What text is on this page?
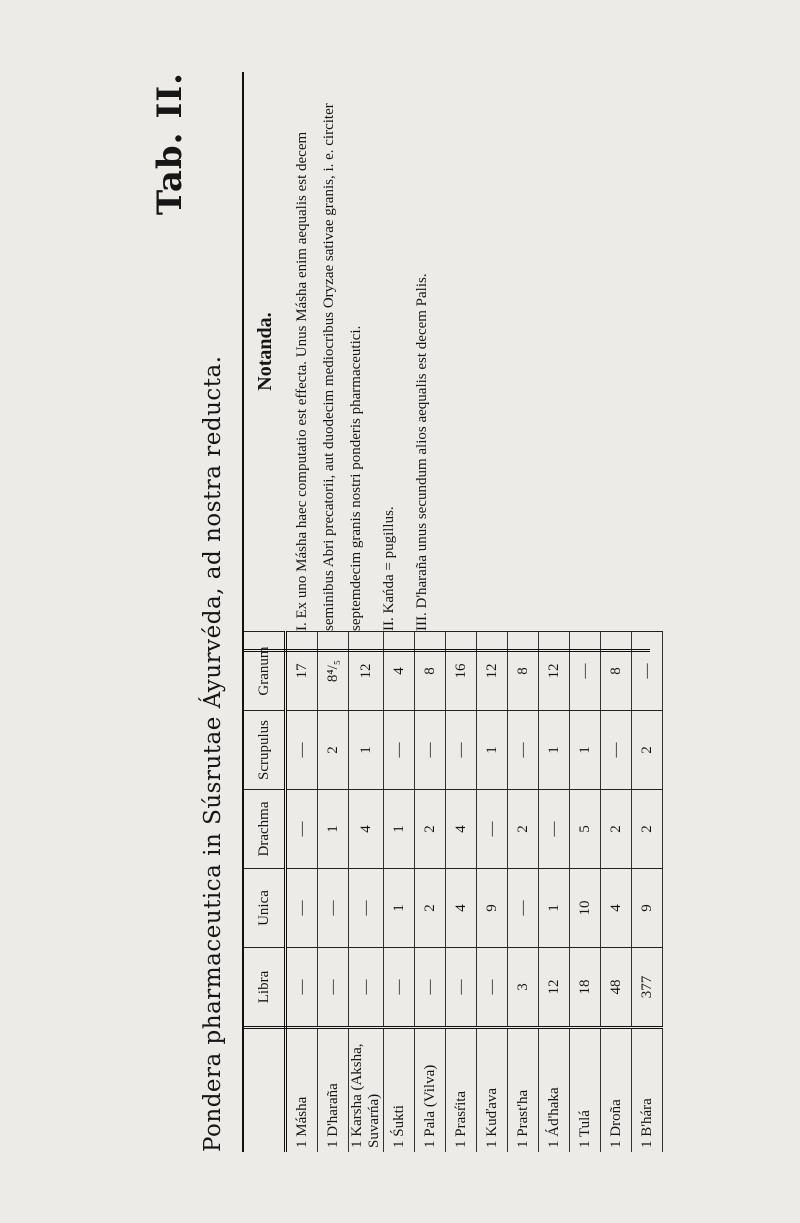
Tab. II.
Pondera pharmaceutica in Súsrutae Áyurvéda, ad nostra reducta.
	Libra	Unica	Drachma	Scrupulus	Granum
1 Másha	—	—	—	—	17
1 D'haraña	—	—	1	2	8⁴/₅
1 Karsha (Aksha, Suvarńa)	—	—	4	1	12
1 Śukti	—	1	1	—	4
1 Pala (Vilva)	—	2	2	—	8
1 Prasŕita	—	4	4	—	16
1 Kuďava	—	9	—	1	12
1 Prast'ha	3	—	2	—	8
1 Ád'haka	12	1	—	1	12
1 Tulá	18	10	5	1	—
1 Droña	48	4	2	—	8
1 B'hára	377	9	2	2	—
Notanda.	I. Ex uno Másha haec computatio est effecta. Unus Másha enim aequalis est decem seminibus Abri precatorii, aut duodecim mediocribus Oryzae sativae granis, i. e. circiter septemdecim granis nostri ponderis pharmaceutici.	II. Kańda = pugillus.	III. D'haraña unus secundum alios aequalis est decem Palis.
